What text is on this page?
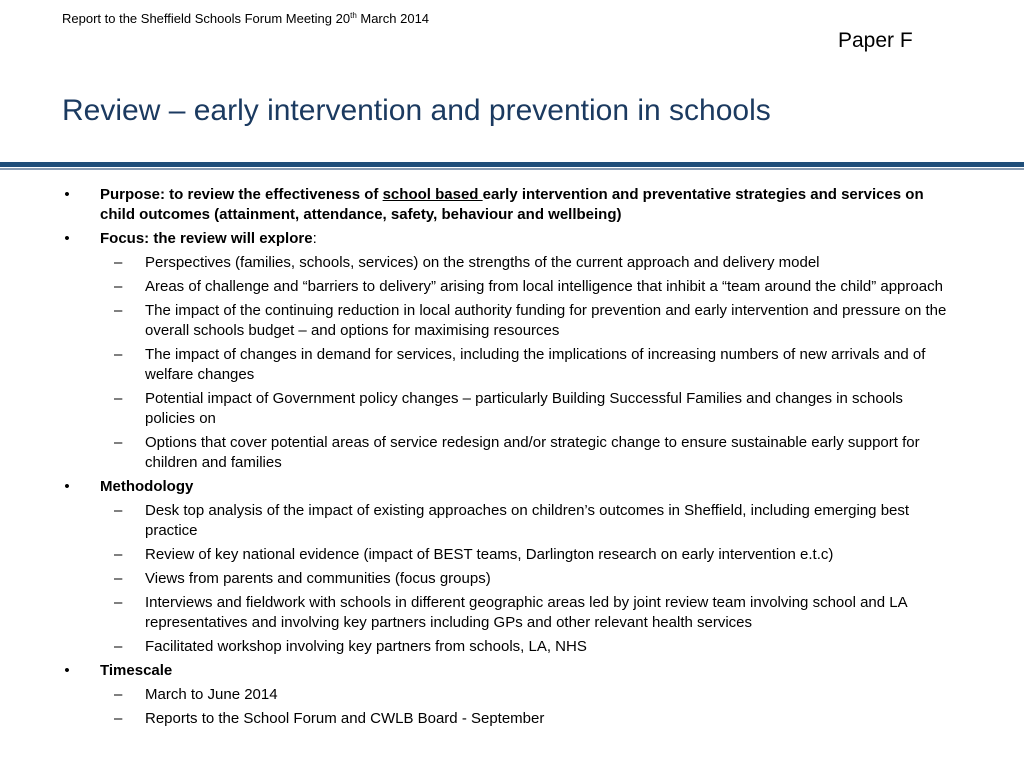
Report to the Sheffield Schools Forum Meeting 20th March 2014
Paper F
Review – early intervention and prevention in schools
• Purpose: to review the effectiveness of school based early intervention and preventative strategies and services on child outcomes (attainment, attendance, safety, behaviour and wellbeing)
• Focus: the review will explore:
– Perspectives (families, schools, services) on the strengths of the current approach and delivery model
– Areas of challenge and “barriers to delivery” arising from local intelligence that inhibit a “team around the child” approach
– The impact of the continuing reduction in local authority funding for prevention and early intervention and pressure on the overall schools budget – and options for maximising resources
– The impact of changes in demand for services, including the implications of increasing numbers of new arrivals and of welfare changes
– Potential impact of Government policy changes – particularly Building Successful Families and changes in schools policies on
– Options that cover potential areas of service redesign and/or strategic change to ensure sustainable early support for children and families
• Methodology
– Desk top analysis of the impact of existing approaches on children’s outcomes in Sheffield, including emerging best practice
– Review of key national evidence (impact of BEST teams, Darlington research on early intervention e.t.c)
– Views from parents and communities (focus groups)
– Interviews and fieldwork with schools in different geographic areas led by joint review team involving school and LA representatives and involving key partners including GPs and other relevant health services
– Facilitated workshop involving key partners from schools, LA, NHS
• Timescale
– March to June 2014
– Reports to the School Forum and CWLB Board - September
